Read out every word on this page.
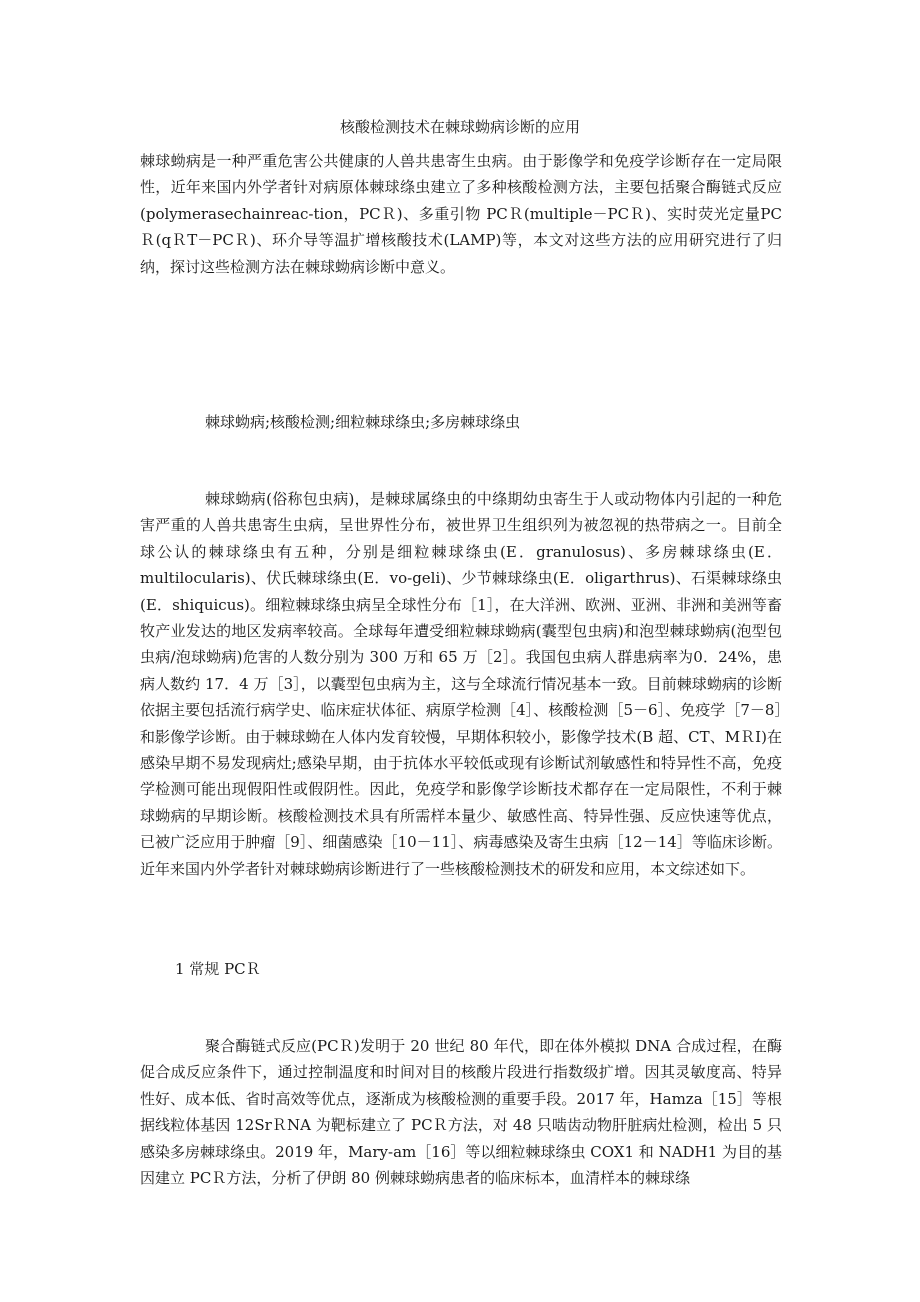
核酸检测技术在棘球蚴病诊断的应用

棘球蚴病是一种严重危害公共健康的人兽共患寄生虫病。由于影像学和免疫学诊断存在一定局限性，近年来国内外学者针对病原体棘球绦虫建立了多种核酸检测方法，主要包括聚合酶链式反应(polymerasechainreac-tion，PCＲ)、多重引物 PCＲ(multiple－PCＲ)、实时荧光定量PCＲ(qＲT－PCＲ)、环介导等温扩增核酸技术(LAMP)等，本文对这些方法的应用研究进行了归纳，探讨这些检测方法在棘球蚴病诊断中意义。

棘球蚴病;核酸检测;细粒棘球绦虫;多房棘球绦虫

棘球蚴病(俗称包虫病)，是棘球属绦虫的中绦期幼虫寄生于人或动物体内引起的一种危害严重的人兽共患寄生虫病，呈世界性分布，被世界卫生组织列为被忽视的热带病之一。目前全球公认的棘球绦虫有五种，分别是细粒棘球绦虫(E．granulosus)、多房棘球绦虫(E．multilocularis)、伏氏棘球绦虫(E．vo-geli)、少节棘球绦虫(E．oligarthrus)、石渠棘球绦虫(E．shiquicus)。细粒棘球绦虫病呈全球性分布［1］，在大洋洲、欧洲、亚洲、非洲和美洲等畜牧产业发达的地区发病率较高。全球每年遭受细粒棘球蚴病(囊型包虫病)和泡型棘球蚴病(泡型包虫病/泡球蚴病)危害的人数分别为 300 万和 65 万［2］。我国包虫病人群患病率为0．24%，患病人数约 17．4 万［3］，以囊型包虫病为主，这与全球流行情况基本一致。目前棘球蚴病的诊断依据主要包括流行病学史、临床症状体征、病原学检测［4］、核酸检测［5－6］、免疫学［7－8］和影像学诊断。由于棘球蚴在人体内发育较慢，早期体积较小，影像学技术(B 超、CT、MＲI)在感染早期不易发现病灶;感染早期，由于抗体水平较低或现有诊断试剂敏感性和特异性不高，免疫学检测可能出现假阳性或假阴性。因此，免疫学和影像学诊断技术都存在一定局限性，不利于棘球蚴病的早期诊断。核酸检测技术具有所需样本量少、敏感性高、特异性强、反应快速等优点，已被广泛应用于肿瘤［9］、细菌感染［10－11］、病毒感染及寄生虫病［12－14］等临床诊断。近年来国内外学者针对棘球蚴病诊断进行了一些核酸检测技术的研发和应用，本文综述如下。

1 常规 PCＲ

聚合酶链式反应(PCＲ)发明于 20 世纪 80 年代，即在体外模拟 DNA 合成过程，在酶促合成反应条件下，通过控制温度和时间对目的核酸片段进行指数级扩增。因其灵敏度高、特异性好、成本低、省时高效等优点，逐渐成为核酸检测的重要手段。2017 年，Hamza［15］等根据线粒体基因 12SrＲNA 为靶标建立了 PCＲ方法，对 48 只啮齿动物肝脏病灶检测，检出 5 只感染多房棘球绦虫。2019 年，Mary-am［16］等以细粒棘球绦虫 COX1 和 NADH1 为目的基因建立 PCＲ方法，分析了伊朗 80 例棘球蚴病患者的临床标本，血清样本的棘球绦
